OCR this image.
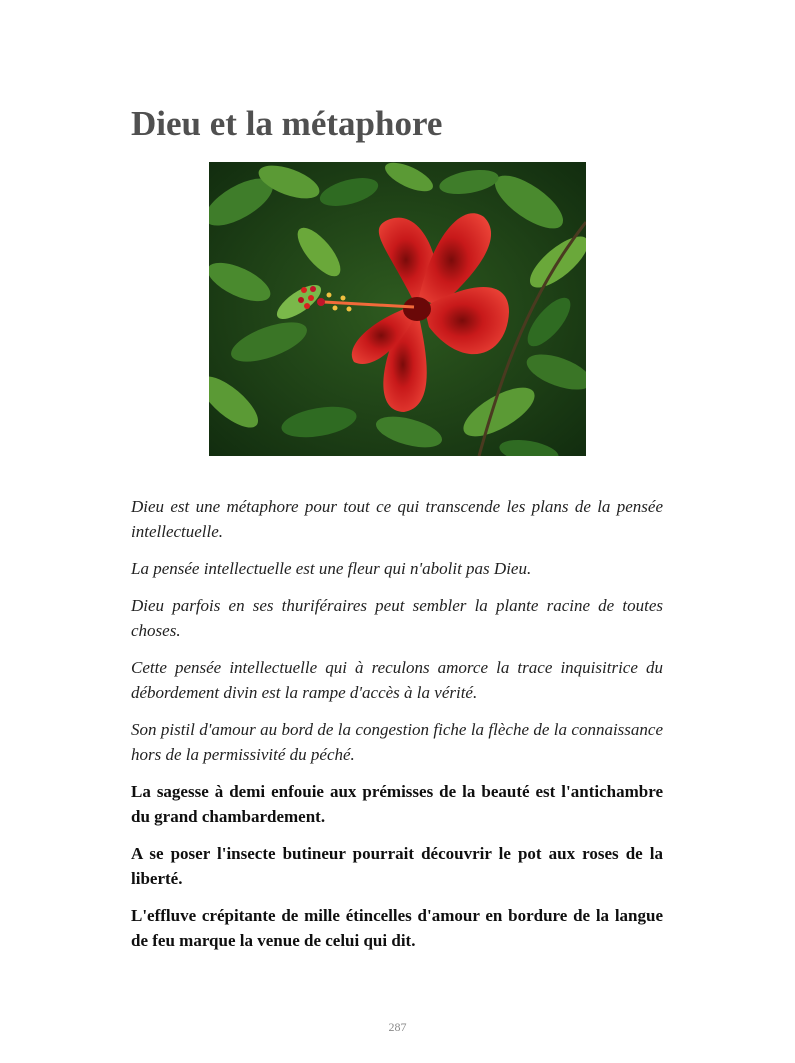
Dieu et la métaphore

Dieu est une métaphore pour tout ce qui transcende les plans de la pensée intellectuelle.

La pensée intellectuelle est une fleur qui n'abolit pas Dieu.

Dieu parfois en ses thuriféraires peut sembler la plante racine de toutes choses.

Cette pensée intellectuelle qui à reculons amorce la trace inquisitrice du débordement divin est la rampe d'accès à la vérité.

Son pistil d'amour au bord de la congestion fiche la flèche de la connaissance hors de la permissivité du péché.

La sagesse à demi enfouie aux prémisses de la beauté est l'antichambre du grand chambardement.

A se poser l'insecte butineur pourrait découvrir le pot aux roses de la liberté.

L'effluve crépitante de mille étincelles d'amour en bordure de la langue de feu marque la venue de celui qui dit.

287
